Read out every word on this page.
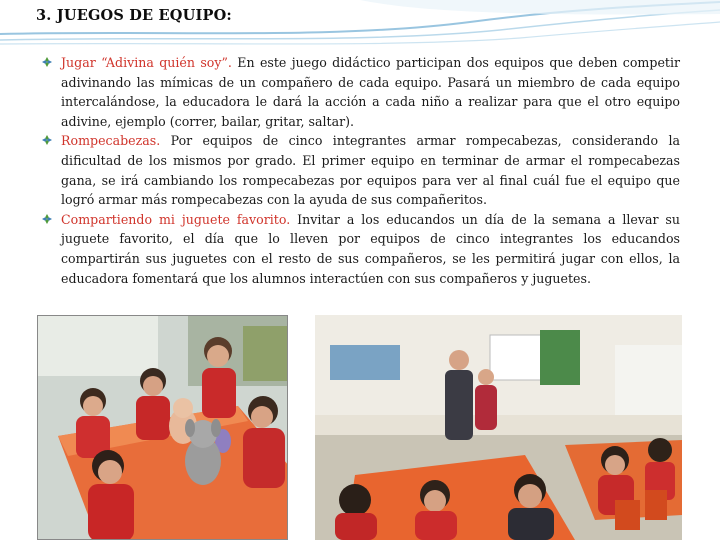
3. JUEGOS DE EQUIPO:
Jugar “Adivina quién soy”. En este juego didáctico participan dos equipos que deben competir adivinando las mímicas de un compañero de cada equipo. Pasará un miembro de cada equipo intercalándose, la educadora le dará la acción a cada niño a realizar para que el otro equipo adivine, ejemplo (correr, bailar, gritar, saltar).
Rompecabezas. Por equipos de cinco integrantes armar rompecabezas, considerando la dificultad de los mismos por grado. El primer equipo en terminar de armar el rompecabezas gana, se irá cambiando los rompecabezas por equipos para ver al final cuál fue el equipo que logró armar más rompecabezas con la ayuda de sus compañeritos.
Compartiendo mi juguete favorito. Invitar a los educandos un día de la semana a llevar su juguete favorito, el día que lo lleven por equipos de cinco integrantes los educandos compartirán sus juguetes con el resto de sus compañeros, se les permitirá jugar con ellos, la educadora fomentará que los alumnos interactúen con sus compañeros y juguetes.
